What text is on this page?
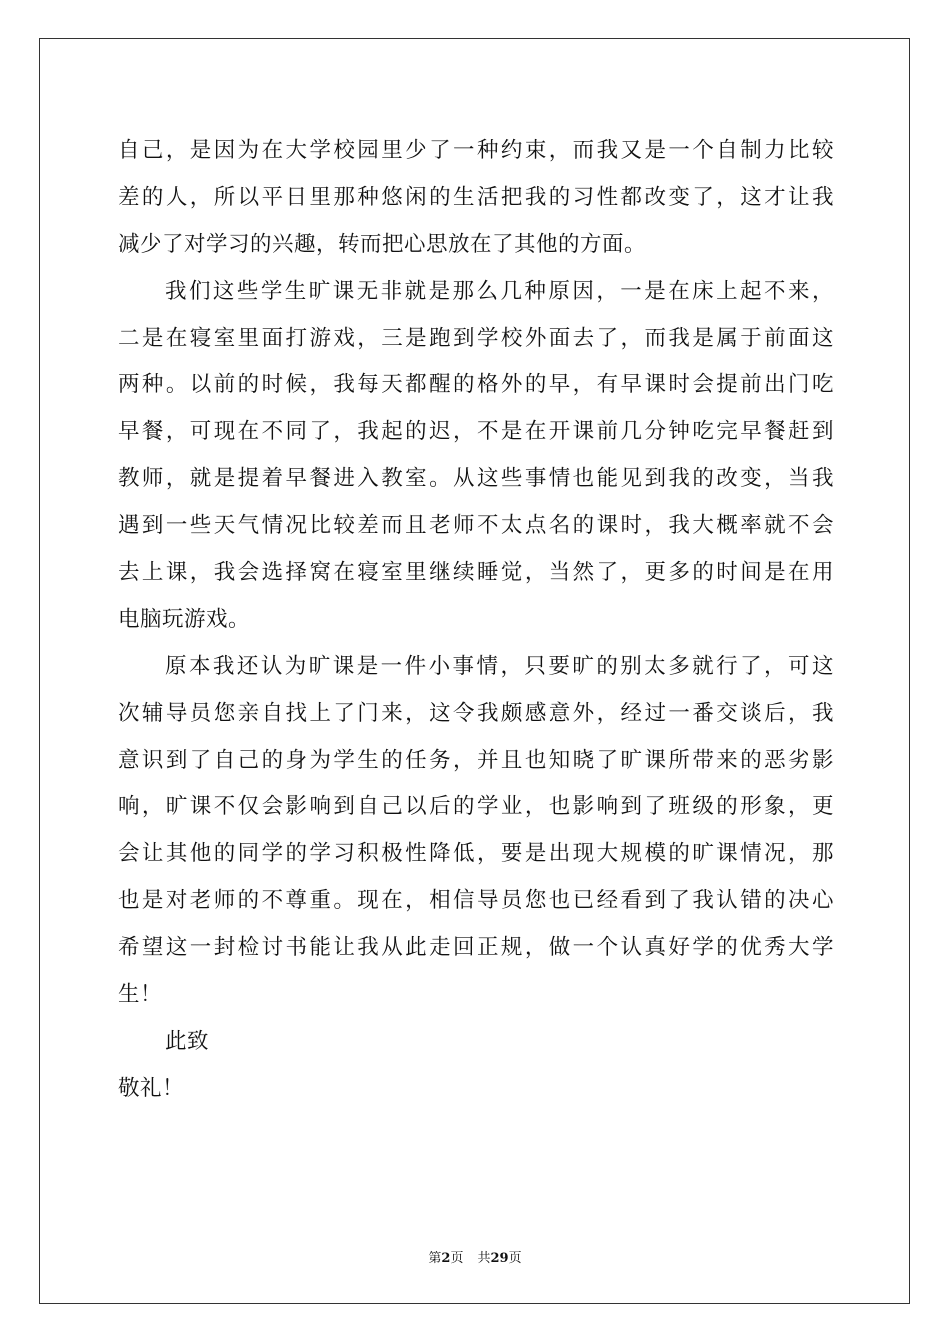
自己，是因为在大学校园里少了一种约束，而我又是一个自制力比较
差的人，所以平日里那种悠闲的生活把我的习性都改变了，这才让我
减少了对学习的兴趣，转而把心思放在了其他的方面。
我们这些学生旷课无非就是那么几种原因，一是在床上起不来，
二是在寝室里面打游戏，三是跑到学校外面去了，而我是属于前面这
两种。以前的时候，我每天都醒的格外的早，有早课时会提前出门吃
早餐，可现在不同了，我起的迟，不是在开课前几分钟吃完早餐赶到
教师，就是提着早餐进入教室。从这些事情也能见到我的改变，当我
遇到一些天气情况比较差而且老师不太点名的课时，我大概率就不会
去上课，我会选择窝在寝室里继续睡觉，当然了，更多的时间是在用
电脑玩游戏。
原本我还认为旷课是一件小事情，只要旷的别太多就行了，可这
次辅导员您亲自找上了门来，这令我颇感意外，经过一番交谈后，我
意识到了自己的身为学生的任务，并且也知晓了旷课所带来的恶劣影
响，旷课不仅会影响到自己以后的学业，也影响到了班级的形象，更
会让其他的同学的学习积极性降低，要是出现大规模的旷课情况，那
也是对老师的不尊重。现在，相信导员您也已经看到了我认错的决心
希望这一封检讨书能让我从此走回正规，做一个认真好学的优秀大学
生！
此致
敬礼！
第2页 共29页
